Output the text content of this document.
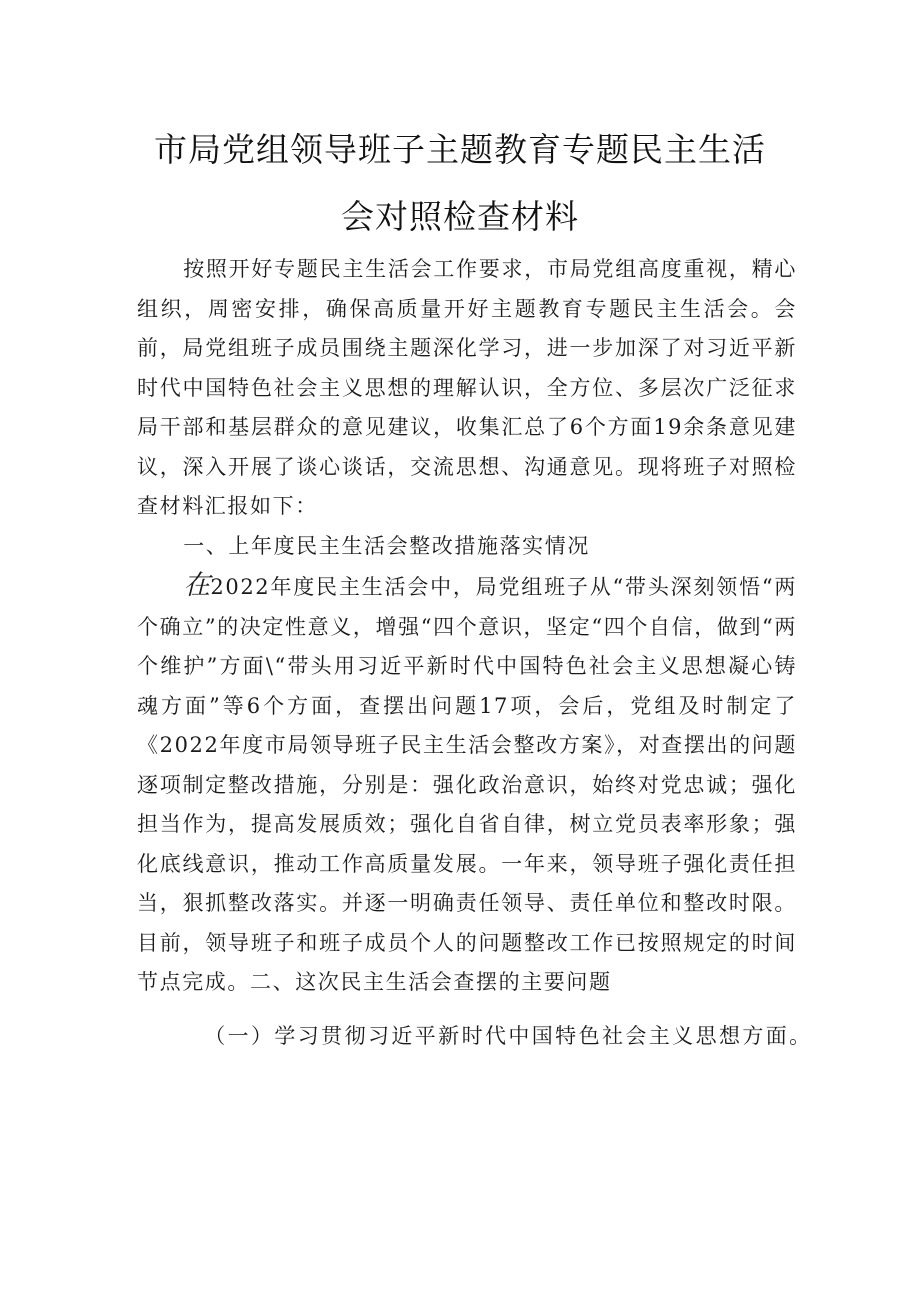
市局党组领导班子主题教育专题民主生活
会对照检查材料

按照开好专题民主生活会工作要求，市局党组高度重视，精心组织，周密安排，确保高质量开好主题教育专题民主生活会。会前，局党组班子成员围绕主题深化学习，进一步加深了对习近平新时代中国特色社会主义思想的理解认识，全方位、多层次广泛征求局干部和基层群众的意见建议，收集汇总了6个方面19余条意见建议，深入开展了谈心谈话，交流思想、沟通意见。现将班子对照检查材料汇报如下：

一、上年度民主生活会整改措施落实情况

在2022年度民主生活会中，局党组班子从“带头深刻领悟“两个确立”的决定性意义，增强“四个意识，坚定“四个自信，做到“两个维护”方面\“带头用习近平新时代中国特色社会主义思想凝心铸魂方面”等6个方面，查摆出问题17项，会后，党组及时制定了《2022年度市局领导班子民主生活会整改方案》，对查摆出的问题逐项制定整改措施，分别是：强化政治意识，始终对党忠诚；强化担当作为，提高发展质效；强化自省自律，树立党员表率形象；强化底线意识，推动工作高质量发展。一年来，领导班子强化责任担当，狠抓整改落实。并逐一明确责任领导、责任单位和整改时限。目前，领导班子和班子成员个人的问题整改工作已按照规定的时间节点完成。二、这次民主生活会查摆的主要问题

（一）学习贯彻习近平新时代中国特色社会主义思想方面。
